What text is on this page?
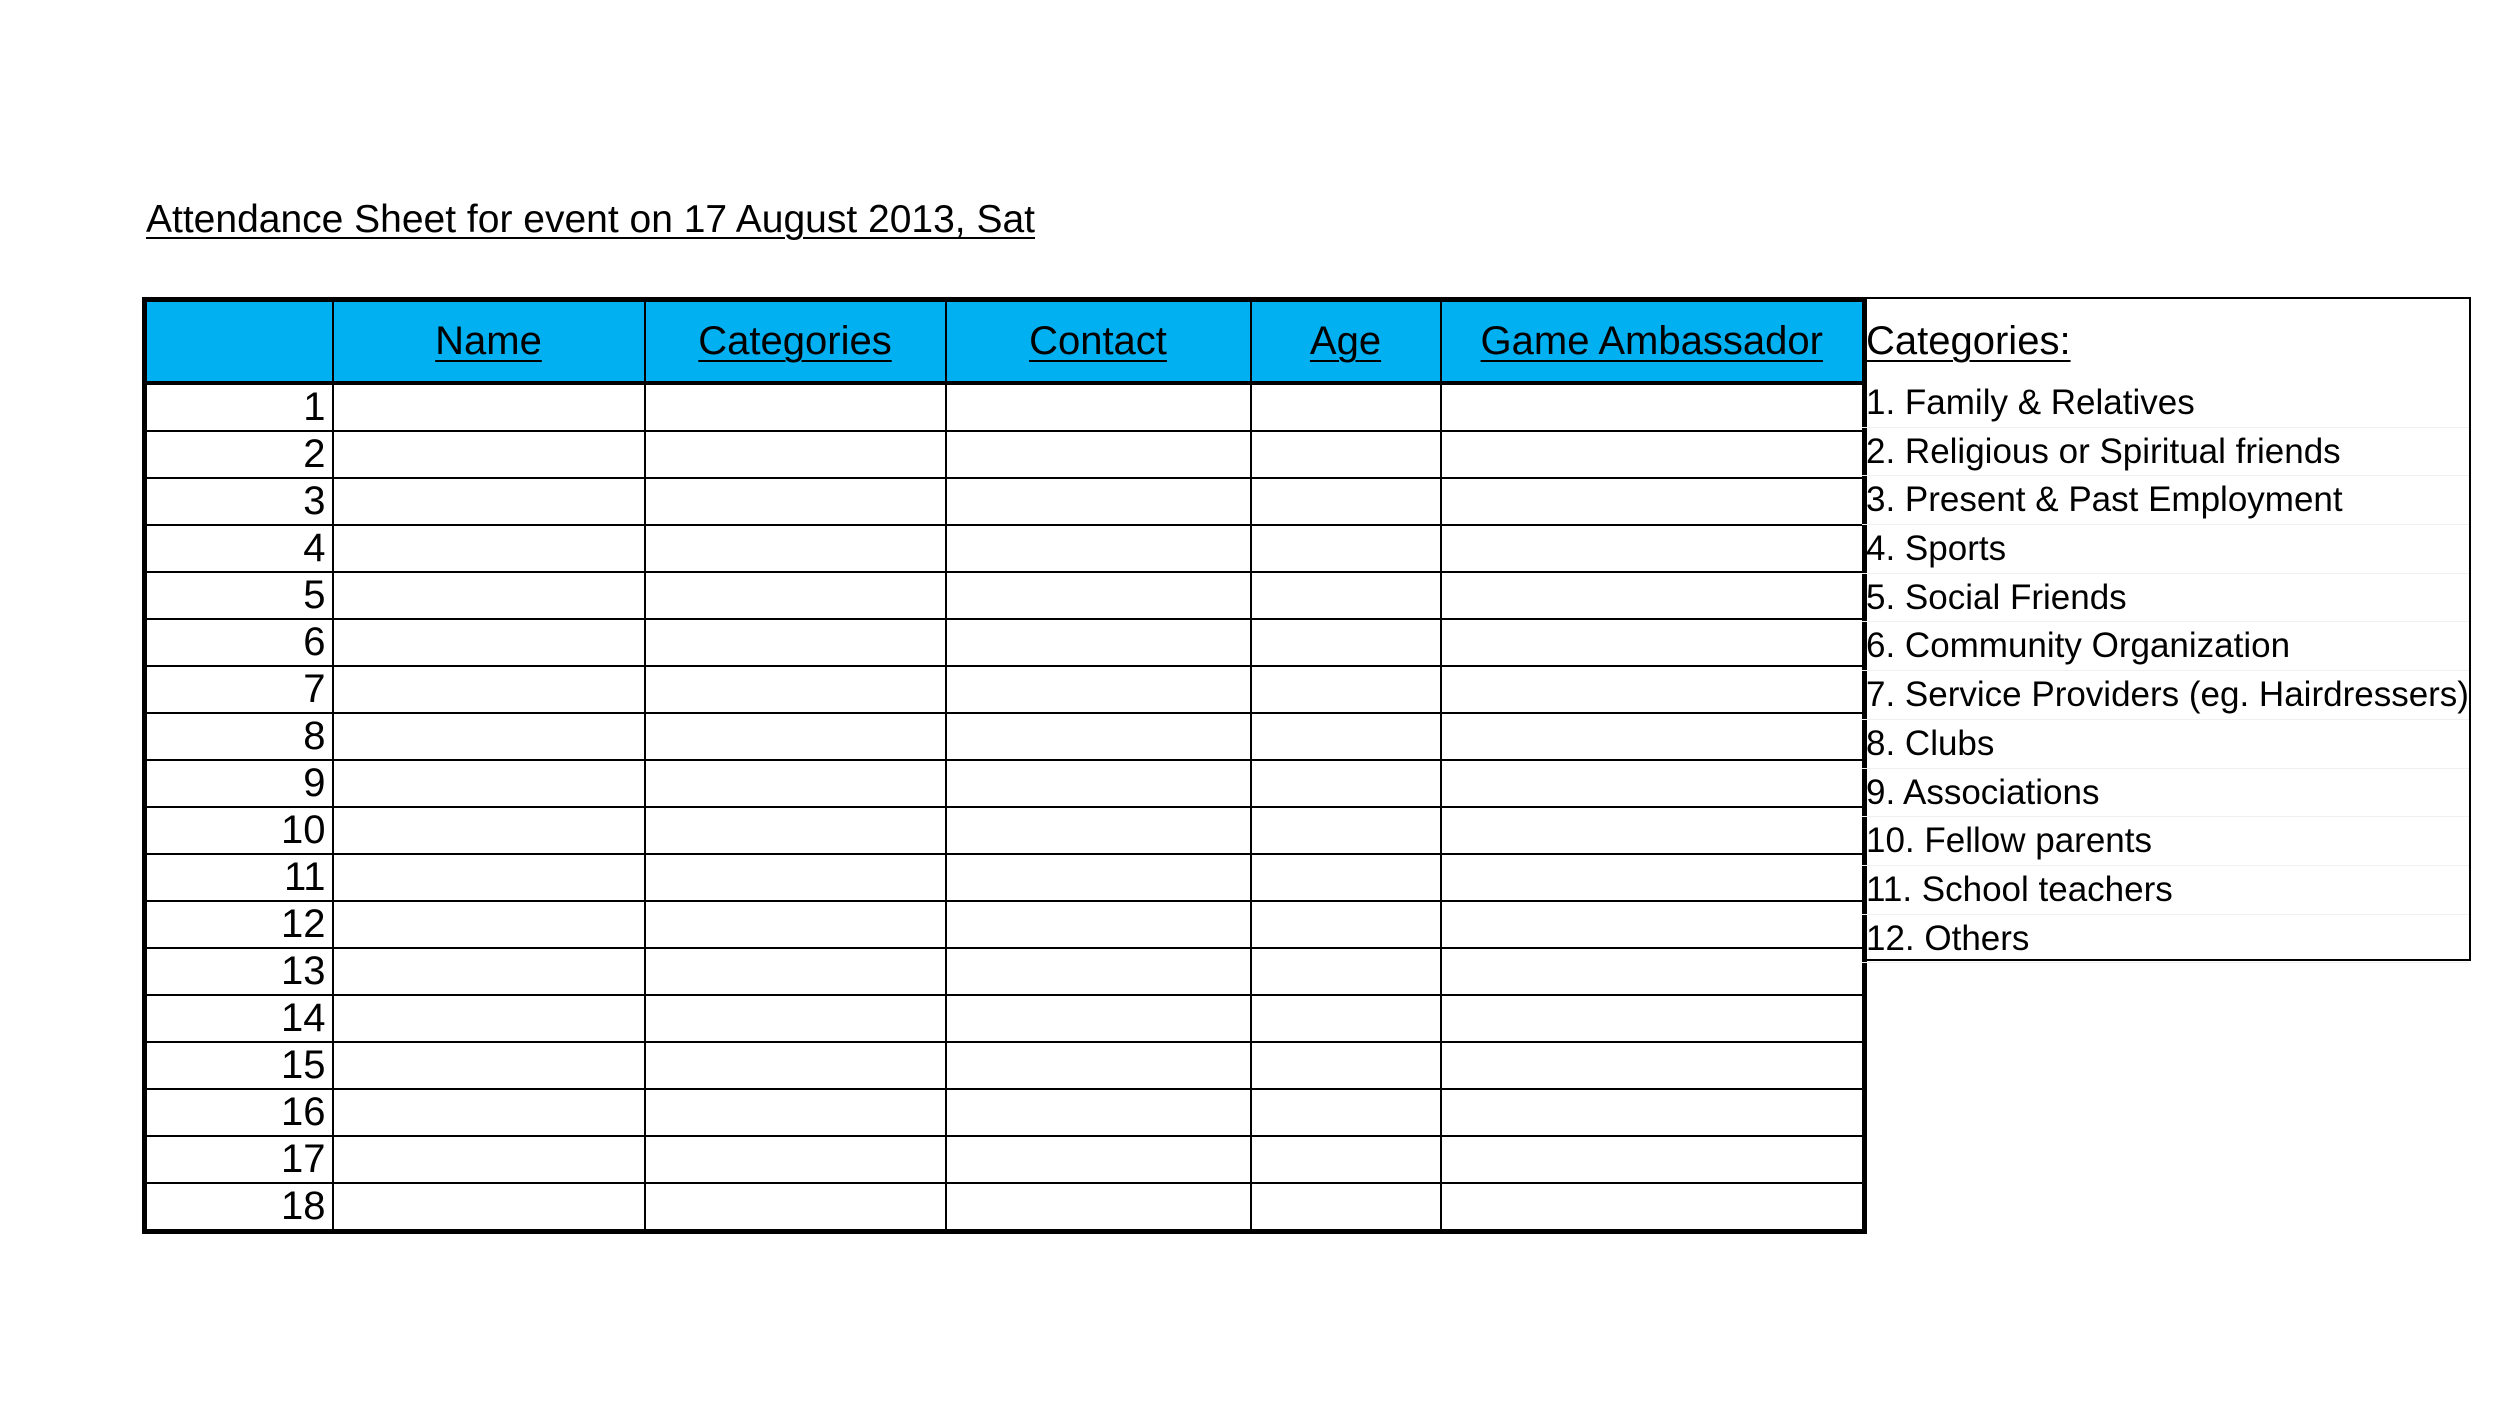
Attendance Sheet for event on 17 August 2013, Sat
	Name	Categories	Contact	Age	Game Ambassador
1					
2					
3					
4					
5					
6					
7					
8					
9					
10					
11					
12					
13					
14					
15					
16					
17					
18					
Categories:
1. Family & Relatives
2. Religious or Spiritual friends
3. Present & Past Employment
4. Sports
5. Social Friends
6. Community Organization
7. Service Providers (eg. Hairdressers)
8. Clubs
9. Associations
10. Fellow parents
11. School teachers
12. Others
